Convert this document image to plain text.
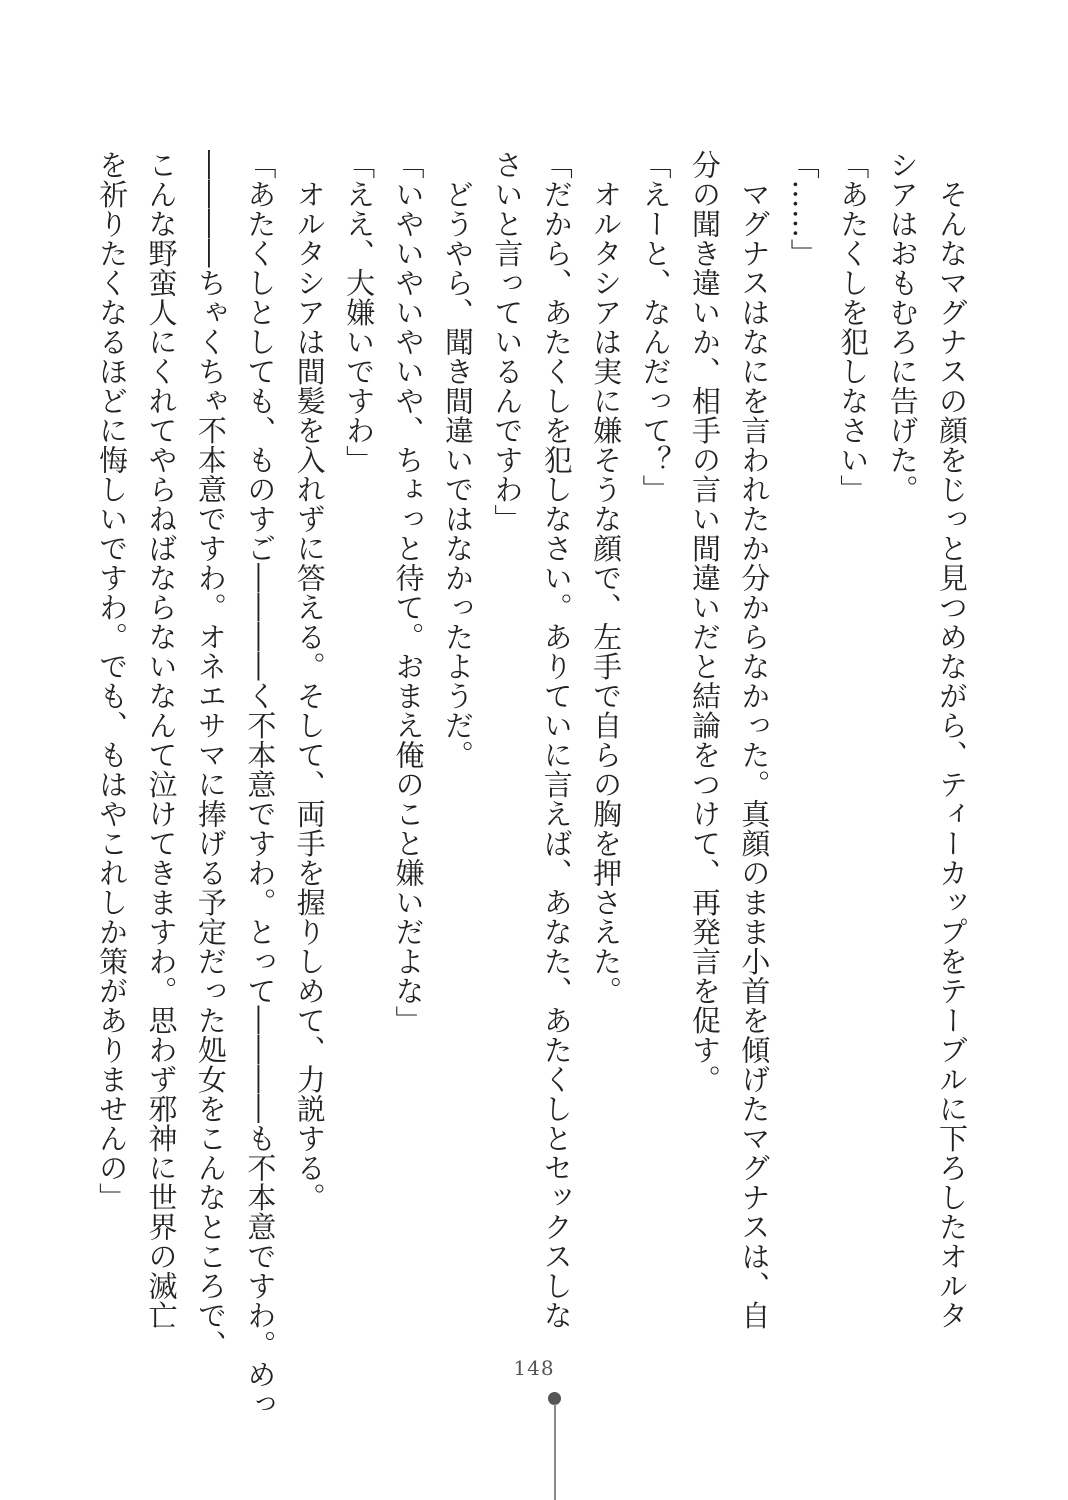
　そんなマグナスの顔をじっと見つめながら、ティーカップをテーブルに下ろしたオルタ
シアはおもむろに告げた。
「あたくしを犯しなさい」
「……」
　マグナスはなにを言われたか分からなかった。真顔のまま小首を傾げたマグナスは、自
分の聞き違いか、相手の言い間違いだと結論をつけて、再発言を促す。
「えーと、なんだって？」
　オルタシアは実に嫌そうな顔で、左手で自らの胸を押さえた。
「だから、あたくしを犯しなさい。ありていに言えば、あなた、あたくしとセックスしな
さいと言っているんですわ」
　どうやら、聞き間違いではなかったようだ。
「いやいやいやいや、ちょっと待て。おまえ俺のこと嫌いだよな」
「ええ、大嫌いですわ」
　オルタシアは間髪を入れずに答える。そして、両手を握りしめて、力説する。
「あたくしとしても、ものすご――――く不本意ですわ。とって――――も不本意ですわ。めっ
――――ちゃくちゃ不本意ですわ。オネエサマに捧げる予定だった処女をこんなところで、
こんな野蛮人にくれてやらねばならないなんて泣けてきますわ。思わず邪神に世界の滅亡
を祈りたくなるほどに悔しいですわ。でも、もはやこれしか策がありませんの」
148
